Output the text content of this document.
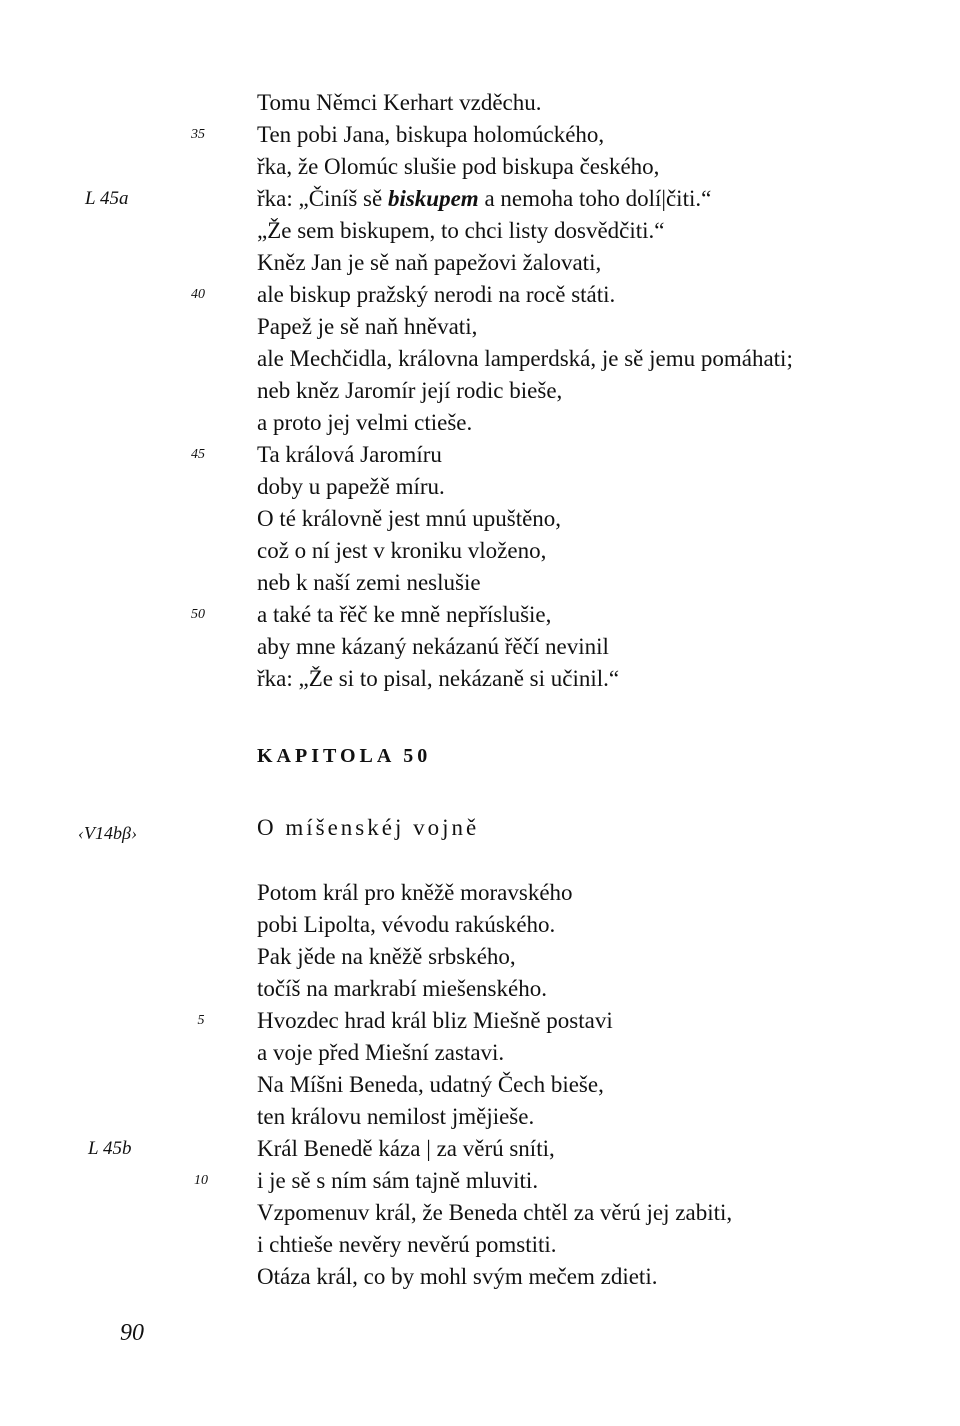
Tomu Němci Kerhart vzděchu.
35	Ten pobi Jana, biskupa holomúckého,
řka, že Olomúc slušie pod biskupa českého,
L 45a	řka: „Činíš sě biskupem a nemoha toho dolí|čiti.“
„Že sem biskupem, to chci listy dosvědčiti.“
Kněz Jan je sě naň papežovi žalovati,
40	ale biskup pražský nerodi na rocě státi.
Papež je sě naň hněvati,
ale Mechčidla, královna lamperdská, je sě jemu pomáhati;
neb kněz Jaromír její rodic bieše,
a proto jej velmi ctieše.
45	Ta králová Jaromíru
doby u papežě míru.
O té královně jest mnú upuštěno,
což o ní jest v kroniku vloženo,
neb k naší zemi neslušie
50	a také ta řěč ke mně nepříslušie,
aby mne kázaný nekázanú řěčí nevinil
řka: „Že si to pisal, nekázaně si učinil.“
KAPITOLA 50
‹V14bβ›	O míšenskéj vojně
Potom král pro kněžě moravského
pobi Lipolta, vévodu rakúského.
Pak jěde na kněžě srbského,
točíš na markrabí miešenského.
5	Hvozdec hrad král bliz Miešně postavi
a voje před Miešní zastavi.
Na Míšni Beneda, udatný Čech bieše,
ten královu nemilost jmějieše.
L 45b	Král Benedě káza | za věrú sníti,
10	i je sě s ním sám tajně mluviti.
Vzpomenuv král, že Beneda chtěl za věrú jej zabiti,
i chtieše nevěry nevěrú pomstiti.
Otáza král, co by mohl svým mečem zdieti.
90
